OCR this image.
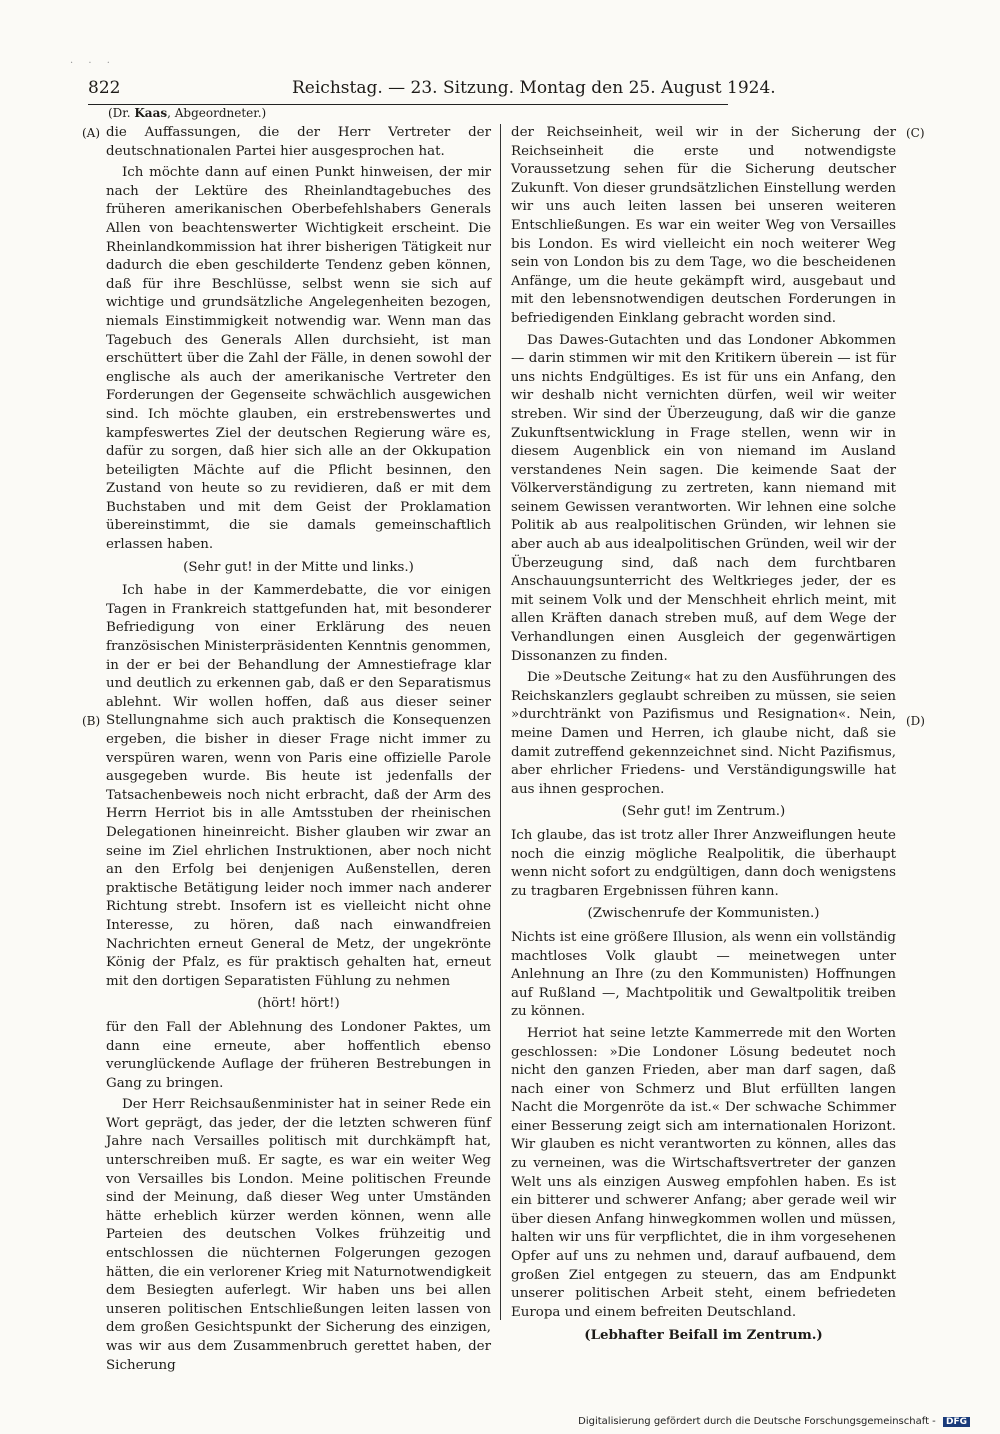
· · ·
822	Reichstag. — 23. Sitzung. Montag den 25. August 1924.
(Dr. Kaas, Abgeordneter.)
(A)
(B)
(C)
(D)

die Auffassungen, die der Herr Vertreter der deutschnationalen Partei hier ausgesprochen hat.

Ich möchte dann auf einen Punkt hinweisen, der mir nach der Lektüre des Rheinlandtagebuches des früheren amerikanischen Oberbefehlshabers Generals Allen von beachtenswerter Wichtigkeit erscheint. Die Rheinlandkommission hat ihrer bisherigen Tätigkeit nur dadurch die eben geschilderte Tendenz geben können, daß für ihre Beschlüsse, selbst wenn sie sich auf wichtige und grundsätzliche Angelegenheiten bezogen, niemals Einstimmigkeit notwendig war. Wenn man das Tagebuch des Generals Allen durchsieht, ist man erschüttert über die Zahl der Fälle, in denen sowohl der englische als auch der amerikanische Vertreter den Forderungen der Gegenseite schwächlich ausgewichen sind. Ich möchte glauben, ein erstrebenswertes und kampfeswertes Ziel der deutschen Regierung wäre es, dafür zu sorgen, daß hier sich alle an der Okkupation beteiligten Mächte auf die Pflicht besinnen, den Zustand von heute so zu revidieren, daß er mit dem Buchstaben und mit dem Geist der Proklamation übereinstimmt, die sie damals gemeinschaftlich erlassen haben.

(Sehr gut! in der Mitte und links.)

Ich habe in der Kammerdebatte, die vor einigen Tagen in Frankreich stattgefunden hat, mit besonderer Befriedigung von einer Erklärung des neuen französischen Ministerpräsidenten Kenntnis genommen, in der er bei der Behandlung der Amnestiefrage klar und deutlich zu erkennen gab, daß er den Separatismus ablehnt. Wir wollen hoffen, daß aus dieser seiner Stellungnahme sich auch praktisch die Konsequenzen ergeben, die bisher in dieser Frage nicht immer zu verspüren waren, wenn von Paris eine offizielle Parole ausgegeben wurde. Bis heute ist jedenfalls der Tatsachenbeweis noch nicht erbracht, daß der Arm des Herrn Herriot bis in alle Amtsstuben der rheinischen Delegationen hineinreicht. Bisher glauben wir zwar an seine im Ziel ehrlichen Instruktionen, aber noch nicht an den Erfolg bei denjenigen Außenstellen, deren praktische Betätigung leider noch immer nach anderer Richtung strebt. Insofern ist es vielleicht nicht ohne Interesse, zu hören, daß nach einwandfreien Nachrichten erneut General de Metz, der ungekrönte König der Pfalz, es für praktisch gehalten hat, erneut mit den dortigen Separatisten Fühlung zu nehmen

(hört! hört!)

für den Fall der Ablehnung des Londoner Paktes, um dann eine erneute, aber hoffentlich ebenso verunglückende Auflage der früheren Bestrebungen in Gang zu bringen.

Der Herr Reichsaußenminister hat in seiner Rede ein Wort geprägt, das jeder, der die letzten schweren fünf Jahre nach Versailles politisch mit durchkämpft hat, unterschreiben muß. Er sagte, es war ein weiter Weg von Versailles bis London. Meine politischen Freunde sind der Meinung, daß dieser Weg unter Umständen hätte erheblich kürzer werden können, wenn alle Parteien des deutschen Volkes frühzeitig und entschlossen die nüchternen Folgerungen gezogen hätten, die ein verlorener Krieg mit Naturnotwendigkeit dem Besiegten auferlegt. Wir haben uns bei allen unseren politischen Entschließungen leiten lassen von dem großen Gesichtspunkt der Sicherung des einzigen, was wir aus dem Zusammenbruch gerettet haben, der Sicherung

der Reichseinheit, weil wir in der Sicherung der Reichseinheit die erste und notwendigste Voraussetzung sehen für die Sicherung deutscher Zukunft. Von dieser grundsätzlichen Einstellung werden wir uns auch leiten lassen bei unseren weiteren Entschließungen. Es war ein weiter Weg von Versailles bis London. Es wird vielleicht ein noch weiterer Weg sein von London bis zu dem Tage, wo die bescheidenen Anfänge, um die heute gekämpft wird, ausgebaut und mit den lebensnotwendigen deutschen Forderungen in befriedigenden Einklang gebracht worden sind.

Das Dawes-Gutachten und das Londoner Abkommen — darin stimmen wir mit den Kritikern überein — ist für uns nichts Endgültiges. Es ist für uns ein Anfang, den wir deshalb nicht vernichten dürfen, weil wir weiter streben. Wir sind der Überzeugung, daß wir die ganze Zukunftsentwicklung in Frage stellen, wenn wir in diesem Augenblick ein von niemand im Ausland verstandenes Nein sagen. Die keimende Saat der Völkerverständigung zu zertreten, kann niemand mit seinem Gewissen verantworten. Wir lehnen eine solche Politik ab aus realpolitischen Gründen, wir lehnen sie aber auch ab aus idealpolitischen Gründen, weil wir der Überzeugung sind, daß nach dem furchtbaren Anschauungsunterricht des Weltkrieges jeder, der es mit seinem Volk und der Menschheit ehrlich meint, mit allen Kräften danach streben muß, auf dem Wege der Verhandlungen einen Ausgleich der gegenwärtigen Dissonanzen zu finden.

Die »Deutsche Zeitung« hat zu den Ausführungen des Reichskanzlers geglaubt schreiben zu müssen, sie seien »durchtränkt von Pazifismus und Resignation«. Nein, meine Damen und Herren, ich glaube nicht, daß sie damit zutreffend gekennzeichnet sind. Nicht Pazifismus, aber ehrlicher Friedens- und Verständigungswille hat aus ihnen gesprochen.

(Sehr gut! im Zentrum.)

Ich glaube, das ist trotz aller Ihrer Anzweiflungen heute noch die einzig mögliche Realpolitik, die überhaupt wenn nicht sofort zu endgültigen, dann doch wenigstens zu tragbaren Ergebnissen führen kann.

(Zwischenrufe der Kommunisten.)

Nichts ist eine größere Illusion, als wenn ein vollständig machtloses Volk glaubt — meinetwegen unter Anlehnung an Ihre (zu den Kommunisten) Hoffnungen auf Rußland —, Machtpolitik und Gewaltpolitik treiben zu können.

Herriot hat seine letzte Kammerrede mit den Worten geschlossen: »Die Londoner Lösung bedeutet noch nicht den ganzen Frieden, aber man darf sagen, daß nach einer von Schmerz und Blut erfüllten langen Nacht die Morgenröte da ist.« Der schwache Schimmer einer Besserung zeigt sich am internationalen Horizont. Wir glauben es nicht verantworten zu können, alles das zu verneinen, was die Wirtschaftsvertreter der ganzen Welt uns als einzigen Ausweg empfohlen haben. Es ist ein bitterer und schwerer Anfang; aber gerade weil wir über diesen Anfang hinwegkommen wollen und müssen, halten wir uns für verpflichtet, die in ihm vorgesehenen Opfer auf uns zu nehmen und, darauf aufbauend, dem großen Ziel entgegen zu steuern, das am Endpunkt unserer politischen Arbeit steht, einem befriedeten Europa und einem befreiten Deutschland.

(Lebhafter Beifall im Zentrum.)

Digitalisierung gefördert durch die Deutsche Forschungsgemeinschaft - DFG
